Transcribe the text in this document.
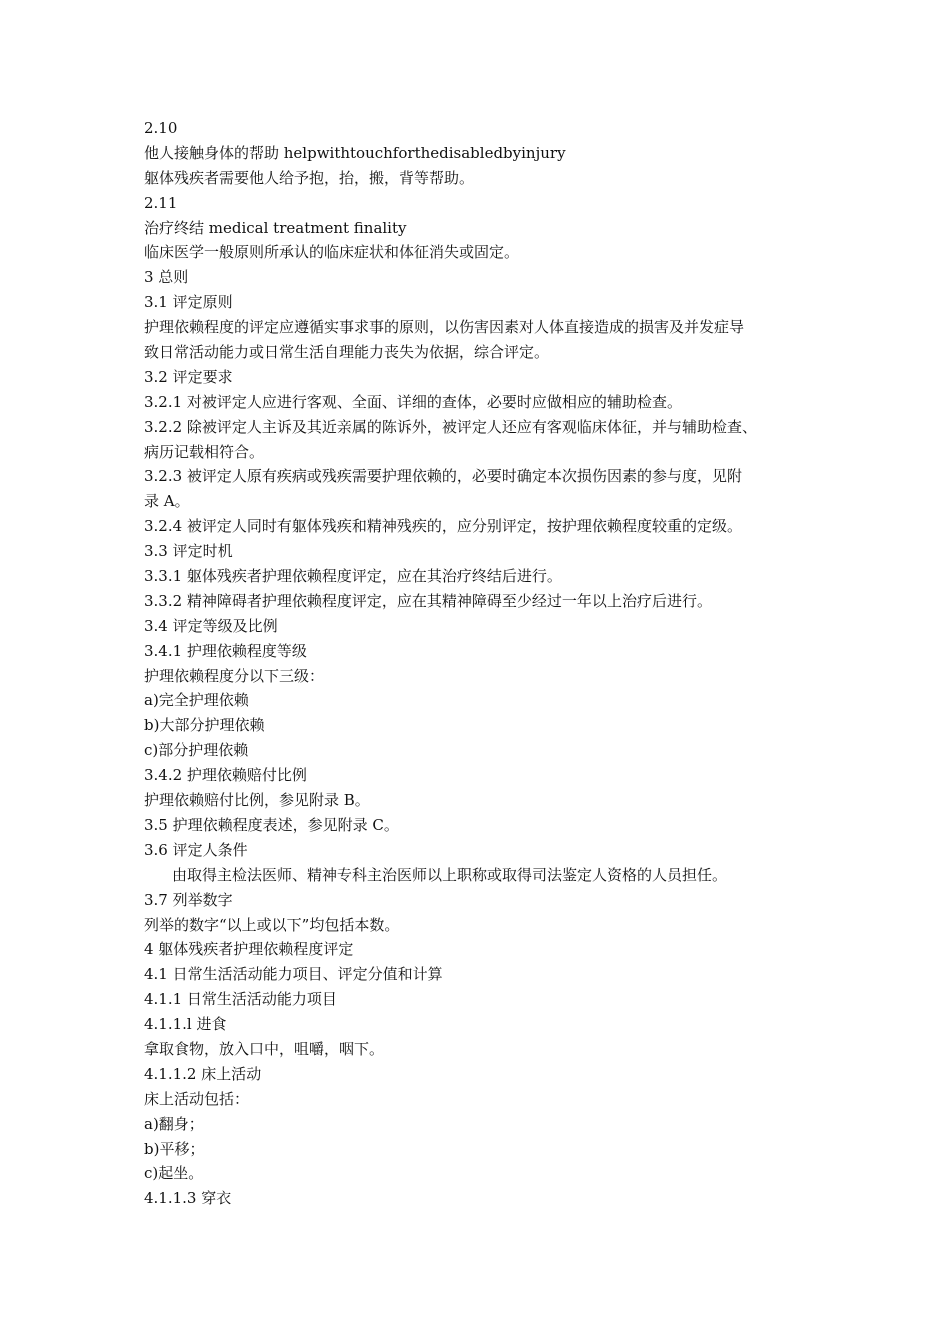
2.10
他人接触身体的帮助 helpwithtouchforthedisabledbyinjury
躯体残疾者需要他人给予抱，抬，搬，背等帮助。
2.11
治疗终结 medical treatment finality
临床医学一般原则所承认的临床症状和体征消失或固定。
3 总则
3.1 评定原则
护理依赖程度的评定应遵循实事求事的原则，以伤害因素对人体直接造成的损害及并发症导
致日常活动能力或日常生活自理能力丧失为依据，综合评定。
3.2 评定要求
3.2.1 对被评定人应进行客观、全面、详细的查体，必要时应做相应的辅助检查。
3.2.2 除被评定人主诉及其近亲属的陈诉外，被评定人还应有客观临床体征，并与辅助检查、
病历记载相符合。
3.2.3 被评定人原有疾病或残疾需要护理依赖的，必要时确定本次损伤因素的参与度，见附
录 A。
3.2.4 被评定人同时有躯体残疾和精神残疾的，应分别评定，按护理依赖程度较重的定级。
3.3 评定时机
3.3.1 躯体残疾者护理依赖程度评定，应在其治疗终结后进行。
3.3.2 精神障碍者护理依赖程度评定，应在其精神障碍至少经过一年以上治疗后进行。
3.4 评定等级及比例
3.4.1 护理依赖程度等级
护理依赖程度分以下三级：
a)完全护理依赖
b)大部分护理依赖
c)部分护理依赖
3.4.2 护理依赖赔付比例
护理依赖赔付比例，参见附录 B。
3.5 护理依赖程度表述，参见附录 C。
3.6 评定人条件
由取得主检法医师、精神专科主治医师以上职称或取得司法鉴定人资格的人员担任。
3.7 列举数字
列举的数字“以上或以下”均包括本数。
4 躯体残疾者护理依赖程度评定
4.1 日常生活活动能力项目、评定分值和计算
4.1.1 日常生活活动能力项目
4.1.1.l 进食
拿取食物，放入口中，咀嚼，咽下。
4.1.1.2 床上活动
床上活动包括：
a)翻身；
b)平移；
c)起坐。
4.1.1.3 穿衣
